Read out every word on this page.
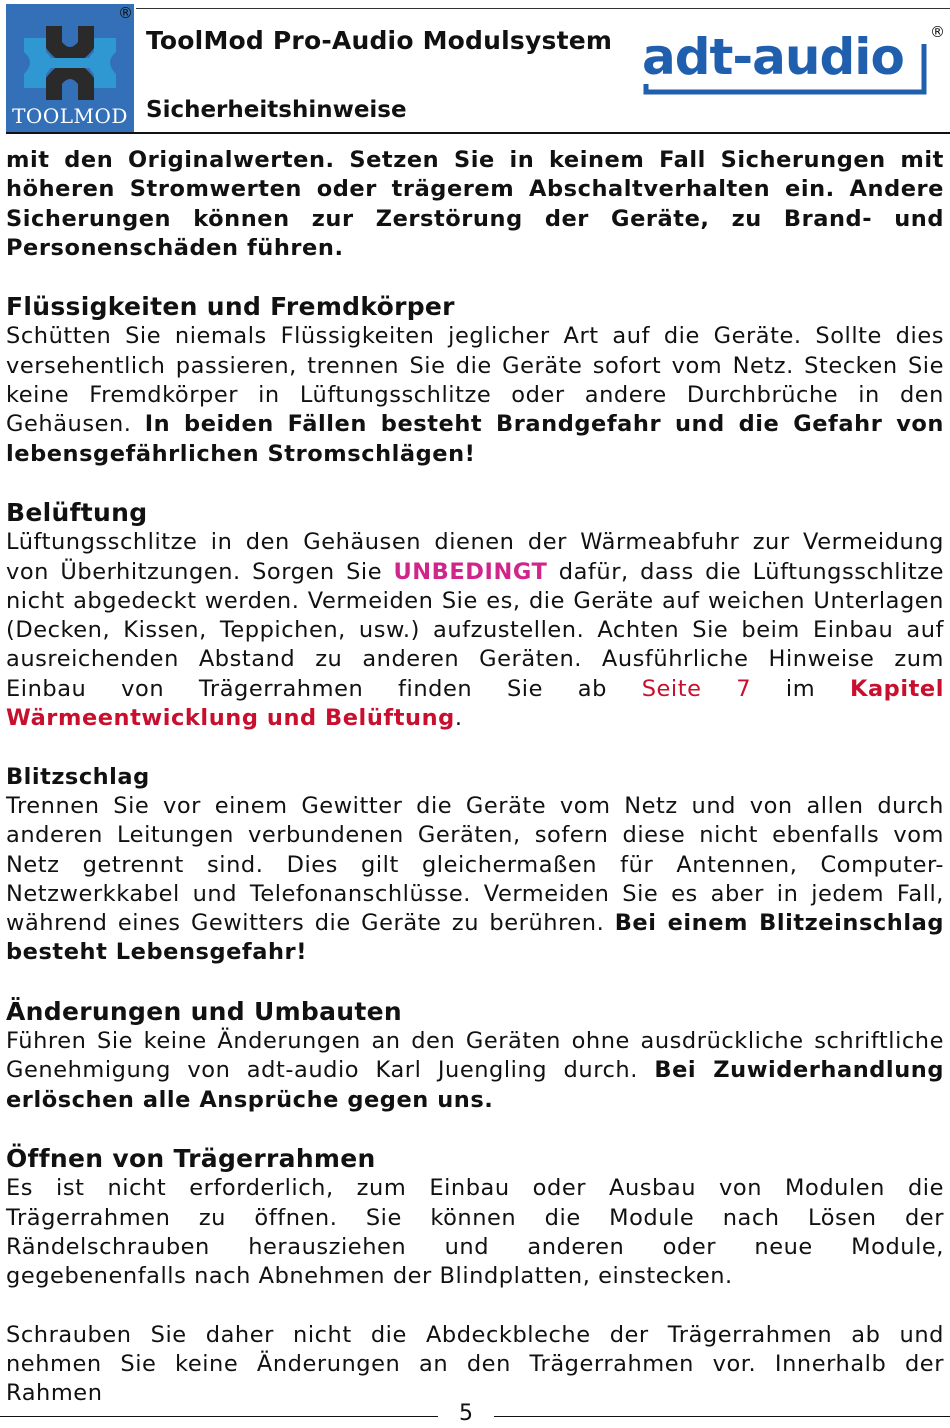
TOOLMOD
®
ToolMod Pro-Audio Modulsystem
Sicherheitshinweise
adt-audio ®

mit den Originalwerten. Setzen Sie in keinem Fall Sicherungen mit höheren Stromwerten oder trägerem Abschaltverhalten ein. Andere Sicherungen können zur Zerstörung der Geräte, zu Brand- und Personenschäden führen.

Flüssigkeiten und Fremdkörper

Schütten Sie niemals Flüssigkeiten jeglicher Art auf die Geräte. Sollte dies versehentlich passieren, trennen Sie die Geräte sofort vom Netz. Stecken Sie keine Fremdkörper in Lüftungsschlitze oder andere Durchbrüche in den Gehäusen. In beiden Fällen besteht Brandgefahr und die Gefahr von lebensgefährlichen Stromschlägen!

Belüftung

Lüftungsschlitze in den Gehäusen dienen der Wärmeabfuhr zur Vermeidung von Überhitzungen. Sorgen Sie UNBEDINGT dafür, dass die Lüftungsschlitze nicht abgedeckt werden. Vermeiden Sie es, die Geräte auf weichen Unterlagen (Decken, Kissen, Teppichen, usw.) aufzustellen. Achten Sie beim Einbau auf ausreichenden Abstand zu anderen Geräten. Ausführliche Hinweise zum Einbau von Trägerrahmen finden Sie ab Seite 7 im Kapitel Wärmeentwicklung und Belüftung.

Blitzschlag

Trennen Sie vor einem Gewitter die Geräte vom Netz und von allen durch anderen Leitungen verbundenen Geräten, sofern diese nicht ebenfalls vom Netz getrennt sind. Dies gilt gleichermaßen für Antennen, Computer-Netzwerkkabel und Telefonanschlüsse. Vermeiden Sie es aber in jedem Fall, während eines Gewitters die Geräte zu berühren. Bei einem Blitzeinschlag besteht Lebensgefahr!

Änderungen und Umbauten

Führen Sie keine Änderungen an den Geräten ohne ausdrückliche schriftliche Genehmigung von adt-audio Karl Juengling durch. Bei Zuwiderhandlung erlöschen alle Ansprüche gegen uns.

Öffnen von Trägerrahmen

Es ist nicht erforderlich, zum Einbau oder Ausbau von Modulen die Trägerrahmen zu öffnen. Sie können die Module nach Lösen der Rändelschrauben herausziehen und anderen oder neue Module, gegebenenfalls nach Abnehmen der Blindplatten, einstecken.

Schrauben Sie daher nicht die Abdeckbleche der Trägerrahmen ab und nehmen Sie keine Änderungen an den Trägerrahmen vor. Innerhalb der Rahmen

5
